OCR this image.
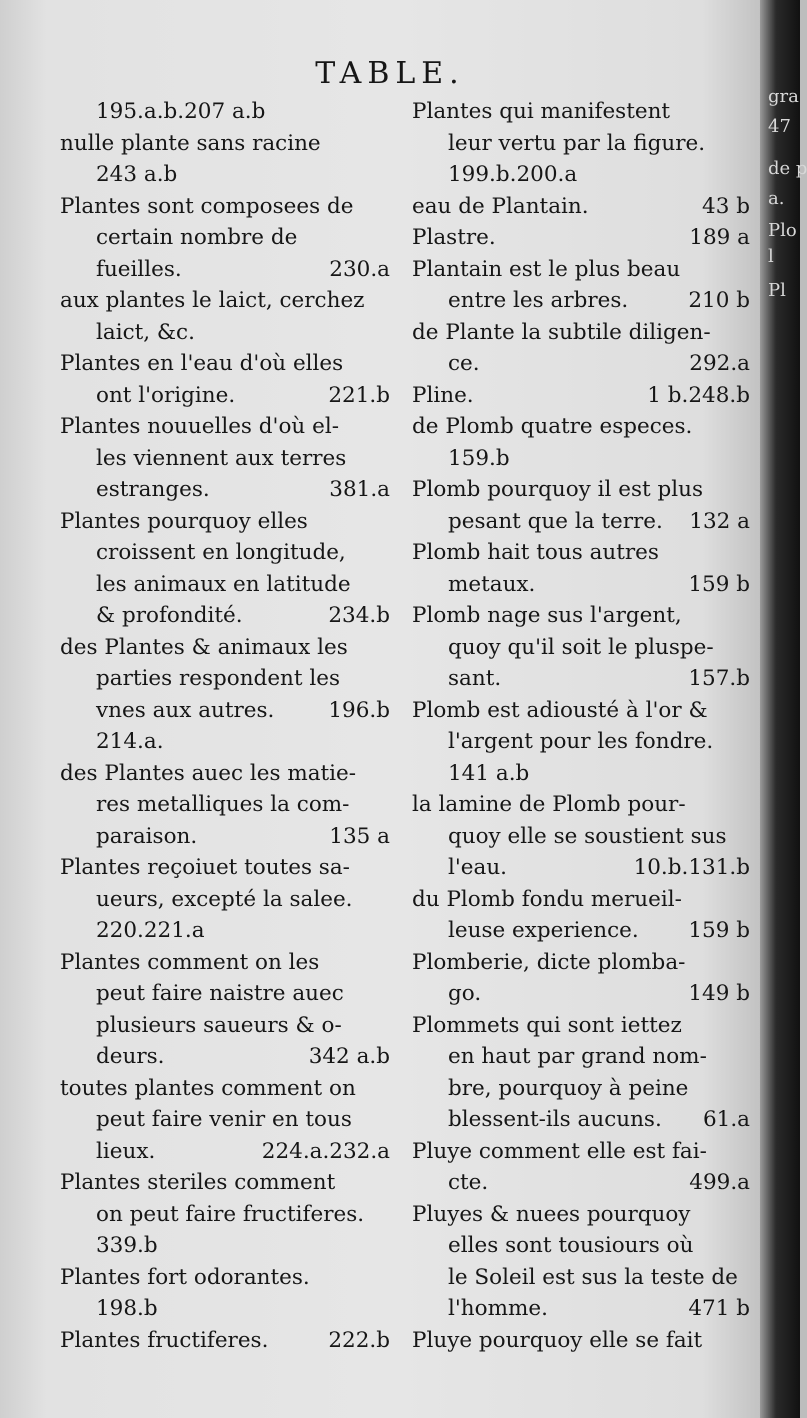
TABLE.
195.a.b.207 a.b
nulle plante sans racine
243 a.b
Plantes sont composees de
certain nombre de
fueilles.	230.a
aux plantes le laict, cerchez
laict, &c.
Plantes en l'eau d'où elles
ont l'origine.	221.b
Plantes nouuelles d'où el-
les viennent aux terres
estranges.	381.a
Plantes pourquoy elles
croissent en longitude,
les animaux en latitude
& profondité.	234.b
des Plantes & animaux les
parties respondent les
vnes aux autres.	196.b
214.a.
des Plantes auec les matie-
res metalliques la com-
paraison.	135 a
Plantes reçoiuet toutes sa-
ueurs, excepté la salee.
220.221.a
Plantes comment on les
peut faire naistre auec
plusieurs saueurs & o-
deurs.	342 a.b
toutes plantes comment on
peut faire venir en tous
lieux.	224.a.232.a
Plantes steriles comment
on peut faire fructiferes.
339.b
Plantes fort odorantes.
198.b
Plantes fructiferes.	222.b
Plantes qui manifestent
leur vertu par la figure.
199.b.200.a
eau de Plantain.	43 b
Plastre.	189 a
Plantain est le plus beau
entre les arbres.	210 b
de Plante la subtile diligen-
ce.	292.a
Pline.	1 b.248.b
de Plomb quatre especes.
159.b
Plomb pourquoy il est plus
pesant que la terre. 132 a
Plomb hait tous autres
metaux.	159 b
Plomb nage sus l'argent,
quoy qu'il soit le pluspe-
sant.	157.b
Plomb est adiousté à l'or &
l'argent pour les fondre.
141 a.b
la lamine de Plomb pour-
quoy elle se soustient sus
l'eau.	10.b.131.b
du Plomb fondu merueil-
leuse experience. 159 b
Plomberie, dicte plomba-
go.	149 b
Plommets qui sont iettez
en haut par grand nom-
bre, pourquoy à peine
blessent-ils aucuns. 61.a
Pluye comment elle est fai-
cte.	499.a
Pluyes & nuees pourquoy
elles sont tousiours où
le Soleil est sus la teste de
l'homme.	471 b
Pluye pourquoy elle se fait
gra
47
de p
a.
Plo
l
Pl
